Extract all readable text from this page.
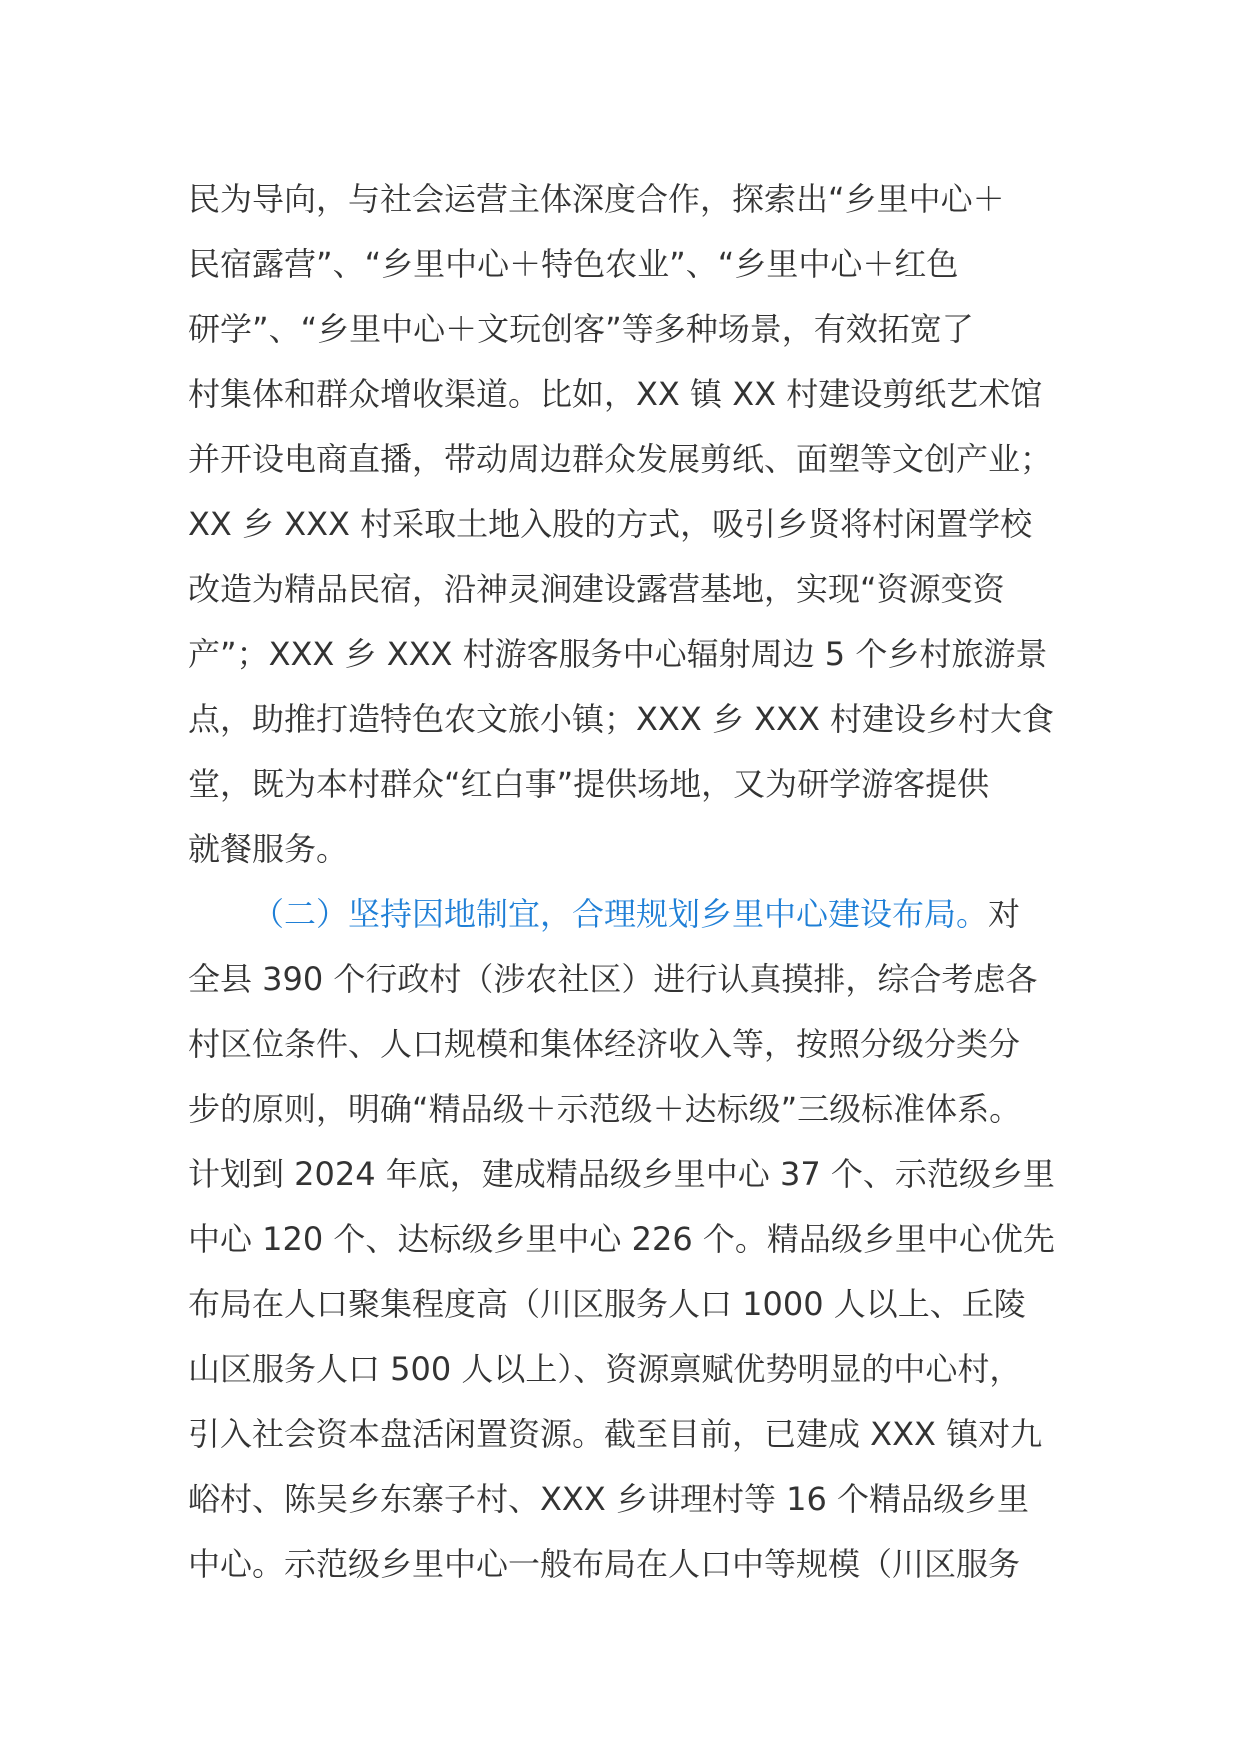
民为导向，与社会运营主体深度合作，探索出“乡里中心＋
民宿露营”、“乡里中心＋特色农业”、“乡里中心＋红色
研学”、“乡里中心＋文玩创客”等多种场景，有效拓宽了
村集体和群众增收渠道。比如，XX 镇 XX 村建设剪纸艺术馆
并开设电商直播，带动周边群众发展剪纸、面塑等文创产业；
XX 乡 XXX 村采取土地入股的方式，吸引乡贤将村闲置学校
改造为精品民宿，沿神灵涧建设露营基地，实现“资源变资
产”；XXX 乡 XXX 村游客服务中心辐射周边 5 个乡村旅游景
点，助推打造特色农文旅小镇；XXX 乡 XXX 村建设乡村大食
堂，既为本村群众“红白事”提供场地，又为研学游客提供
就餐服务。
（二）坚持因地制宜，合理规划乡里中心建设布局。对
全县 390 个行政村（涉农社区）进行认真摸排，综合考虑各
村区位条件、人口规模和集体经济收入等，按照分级分类分
步的原则，明确“精品级＋示范级＋达标级”三级标准体系。
计划到 2024 年底，建成精品级乡里中心 37 个、示范级乡里
中心 120 个、达标级乡里中心 226 个。精品级乡里中心优先
布局在人口聚集程度高（川区服务人口 1000 人以上、丘陵
山区服务人口 500 人以上）、资源禀赋优势明显的中心村，
引入社会资本盘活闲置资源。截至目前，已建成 XXX 镇对九
峪村、陈吴乡东寨子村、XXX 乡讲理村等 16 个精品级乡里
中心。示范级乡里中心一般布局在人口中等规模（川区服务
